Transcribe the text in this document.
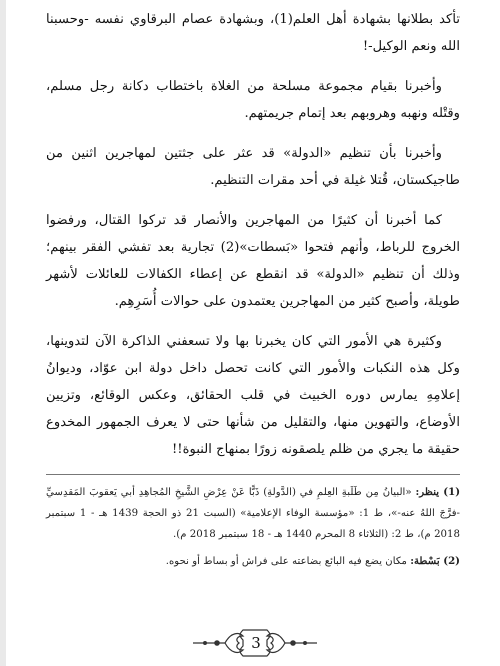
تأكد بطلانها بشهادة أهل العلم(1)، وبشهادة عصام البرقاوي نفسه -وحسبنا الله ونعم الوكيل-!

وأخبرنا بقيام مجموعة مسلحة من الغلاة باختطاب دكانة رجل مسلم، وقتْله ونهبه وهروبهم بعد إتمام جريمتهم.

وأخبرنا بأن تنظيم «الدولة» قد عثر على جثتين لمهاجرين اثنين من طاجيكستان، قُتلا غيلة في أحد مقرات التنظيم.

كما أخبرنا أن كثيرًا من المهاجرين والأنصار قد تركوا القتال، ورفضوا الخروج للرباط، وأنهم فتحوا «بَسطات»(2) تجارية بعد تفشي الفقر بينهم؛ وذلك أن تنظيم «الدولة» قد انقطع عن إعطاء الكفالات للعائلات لأشهر طويلة، وأصبح كثير من المهاجرين يعتمدون على حوالات أُسَرِهِم.

وكثيرة هي الأمور التي كان يخبرنا بها ولا تسعفني الذاكرة الآن لتدوينها، وكل هذه النكبات والأمور التي كانت تحصل داخل دولة ابن عوّاد، وديوانُ إعلامِهِ يمارس دوره الخبيث في قلب الحقائق، وعكس الوقائع، وتزيين الأوضاع، والتهوين منها، والتقليل من شأنها حتى لا يعرف الجمهور المخدوع حقيقة ما يجري من ظلم يلصقونه زورًا بمنهاج النبوة!!

(1) ينظر: «البيانُ مِن طَلَبةِ العِلمِ في (الدَّولةِ) ذَبًّا عَنْ عِرْضِ الشَّيخِ المُجاهِدِ أبي يَعقوبَ المَقدِسيِّ -فرَّجَ اللهُ عنه-»، ط 1: «مؤسسة الوفاء الإعلامية» (السبت 21 ذو الحجة 1439 هـ - 1 سبتمبر 2018 م)، ط 2: (الثلاثاء 8 المحرم 1440 هـ - 18 سبتمبر 2018 م).

(2) بَسْطة: مكان يضع فيه البائع بضاعته على فراش أو بساط أو نحوه.

3
